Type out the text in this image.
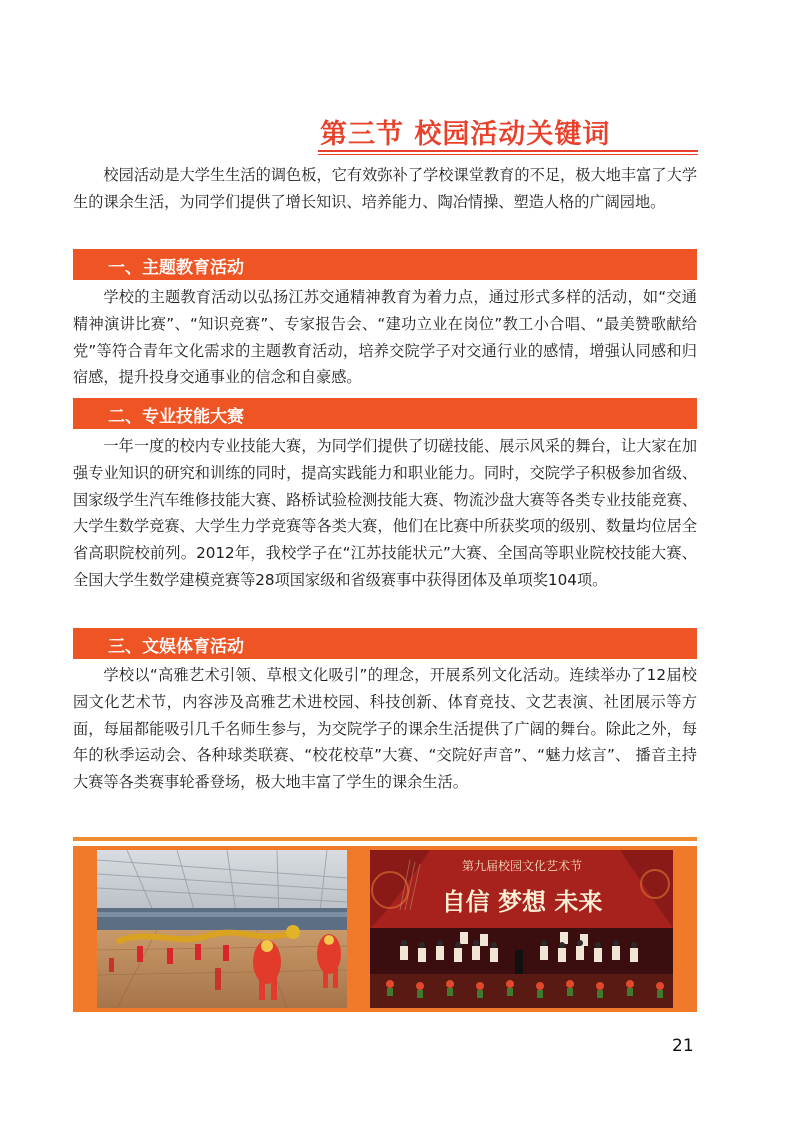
第三节 校园活动关键词

校园活动是大学生生活的调色板，它有效弥补了学校课堂教育的不足，极大地丰富了大学生的课余生活，为同学们提供了增长知识、培养能力、陶冶情操、塑造人格的广阔园地。

一、主题教育活动

学校的主题教育活动以弘扬江苏交通精神教育为着力点，通过形式多样的活动，如“交通精神演讲比赛”、“知识竞赛”、专家报告会、“建功立业在岗位”教工小合唱、“最美赞歌献给党”等符合青年文化需求的主题教育活动，培养交院学子对交通行业的感情，增强认同感和归宿感，提升投身交通事业的信念和自豪感。

二、专业技能大赛

一年一度的校内专业技能大赛，为同学们提供了切磋技能、展示风采的舞台，让大家在加强专业知识的研究和训练的同时，提高实践能力和职业能力。同时，交院学子积极参加省级、国家级学生汽车维修技能大赛、路桥试验检测技能大赛、物流沙盘大赛等各类专业技能竞赛、大学生数学竞赛、大学生力学竞赛等各类大赛，他们在比赛中所获奖项的级别、数量均位居全省高职院校前列。2012年，我校学子在“江苏技能状元”大赛、全国高等职业院校技能大赛、全国大学生数学建模竞赛等28项国家级和省级赛事中获得团体及单项奖104项。

三、文娱体育活动

学校以“高雅艺术引领、草根文化吸引”的理念，开展系列文化活动。连续举办了12届校园文化艺术节，内容涉及高雅艺术进校园、科技创新、体育竞技、文艺表演、社团展示等方面，每届都能吸引几千名师生参与，为交院学子的课余生活提供了广阔的舞台。除此之外，每年的秋季运动会、各种球类联赛、“校花校草”大赛、“交院好声音”、“魅力炫言”、 播音主持大赛等各类赛事轮番登场，极大地丰富了学生的课余生活。

第九届校园文化艺术节
自信 梦想 未来
21
